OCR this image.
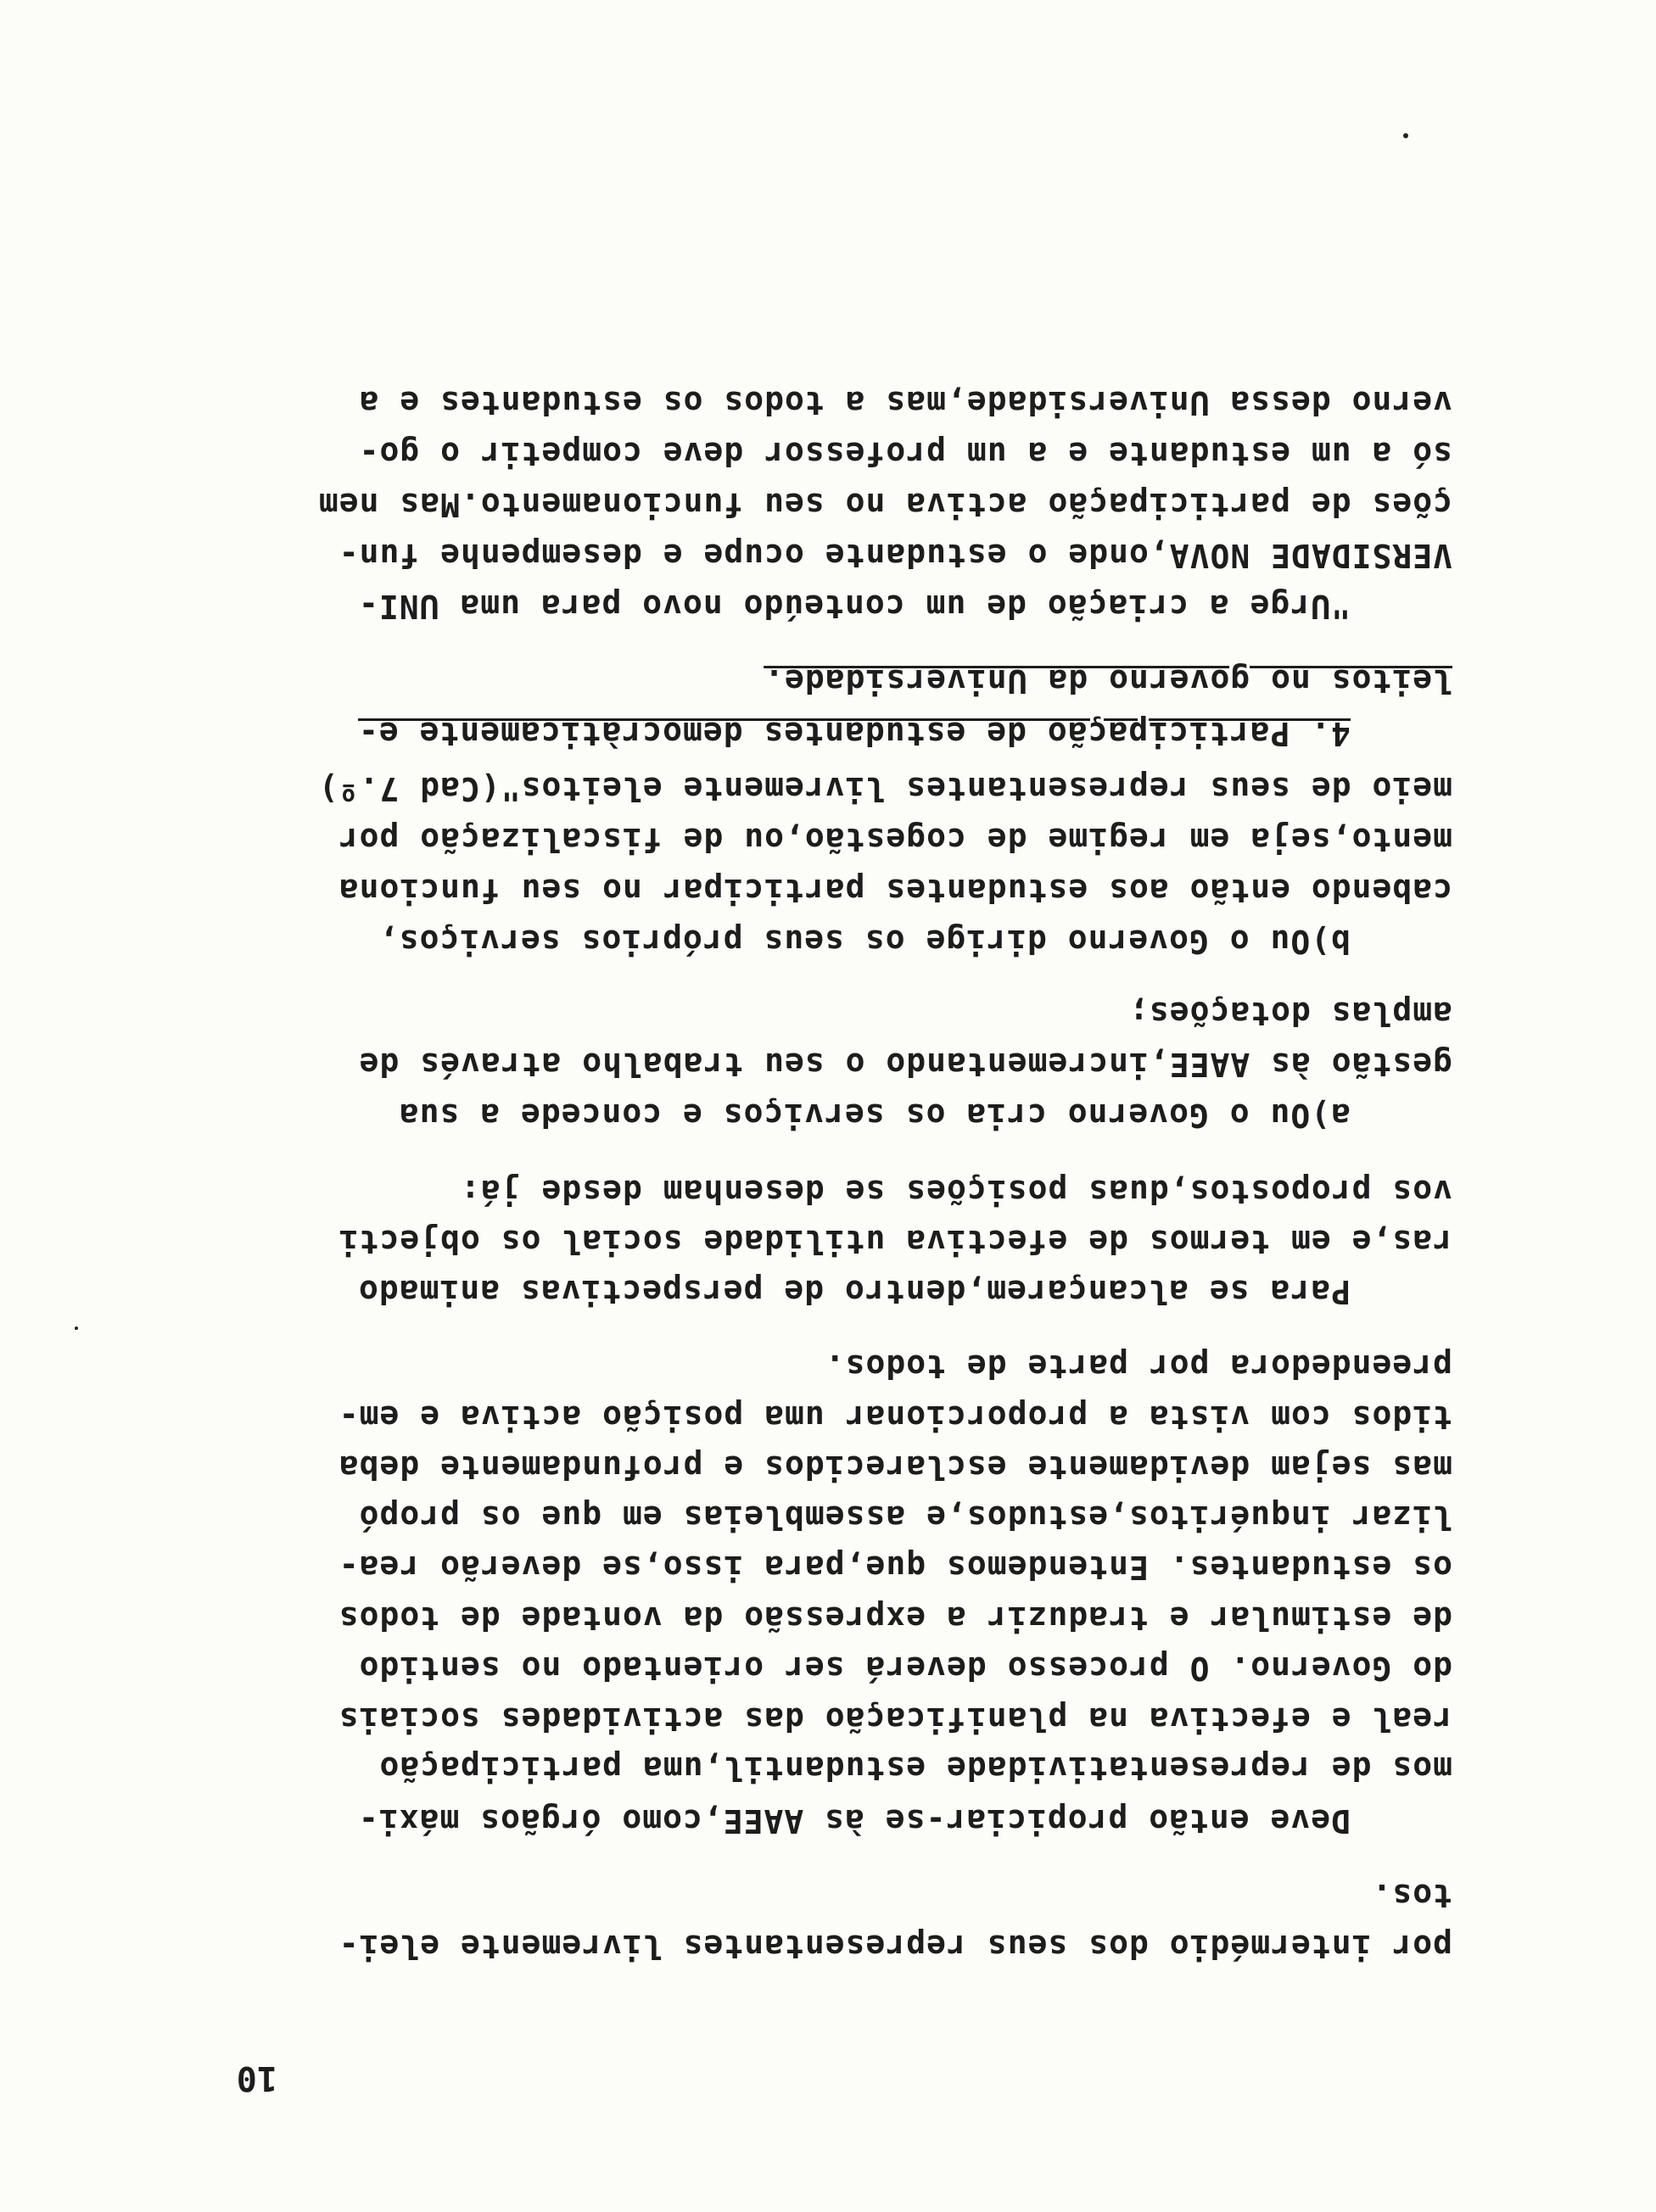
10
por intermédio dos seus representantes livremente elei-
tos.
Deve então propiciar-se às AAEE,como órgãos máxi-
mos de representatividade estudantil,uma participação
real e efectiva na planificação das actividades sociais
do Governo. O processo deverá ser orientado no sentido
de estimular e traduzir a expressão da vontade de todos
os estudantes. Entendemos que,para isso,se deverão rea-
lizar inquéritos,estudos,e assembleias em que os propó
mas sejam devidamente esclarecidos e profundamente deba
tidos com vista a proporcionar uma posição activa e em-
preendedora por parte de todos.
Para se alcançarem,dentro de perspectivas animado
ras,e em termos de efectiva utilidade social os objecti
vos propostos,duas posições se desenham desde já:
a)Ou o Governo cria os serviços e concede a sua
gestão às AAEE,incrementando o seu trabalho através de
amplas dotações;
b)Ou o Governo dirige os seus próprios serviços,
cabendo então aos estudantes participar no seu funciona
mento,seja em regime de cogestão,ou de fiscalização por
meio de seus representantes livremente eleitos"(Cad 7.º)
4. Participação de estudantes democràticamente e-
leitos no governo da Universidade.
"Urge a criação de um conteúdo novo para uma UNI-
VERSIDADE NOVA,onde o estudante ocupe e desempenhe fun-
ções de participação activa no seu funcionamento.Mas nem
só a um estudante e a um professor deve competir o go-
verno dessa Universidade,mas a todos os estudantes e a
